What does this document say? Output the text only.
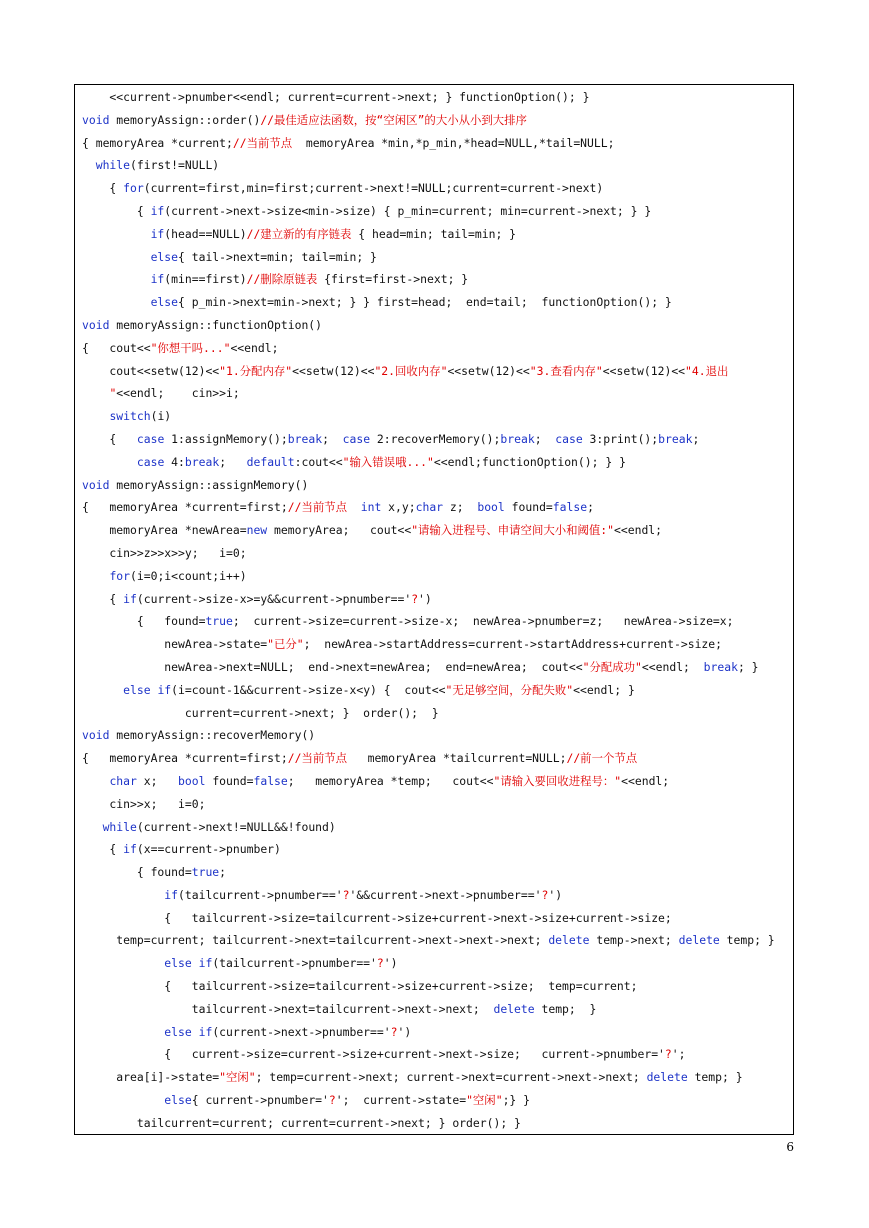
<<current->pnumber<<endl; current=current->next; } functionOption(); }
void memoryAssign::order()//最佳适应法函数，按“空闲区”的大小从小到大排序
{ memoryArea *current;//当前节点  memoryArea *min,*p_min,*head=NULL,*tail=NULL;
while(first!=NULL)
{ for(current=first,min=first;current->next!=NULL;current=current->next)
{ if(current->next->size<min->size) { p_min=current; min=current->next; } }
if(head==NULL)//建立新的有序链表 { head=min; tail=min; }
else{ tail->next=min; tail=min; }
if(min==first)//删除原链表 {first=first->next; }
else{ p_min->next=min->next; } } first=head;  end=tail;  functionOption(); }
void memoryAssign::functionOption()
{   cout<<"你想干吗..."<<endl;
cout<<setw(12)<<"1.分配内存"<<setw(12)<<"2.回收内存"<<setw(12)<<"3.查看内存"<<setw(12)<<"4.退出
"<<endl;    cin>>i;
switch(i)
{   case 1:assignMemory();break;  case 2:recoverMemory();break;  case 3:print();break;
case 4:break;   default:cout<<"输入错误哦..."<<endl;functionOption(); } }
void memoryAssign::assignMemory()
{   memoryArea *current=first;//当前节点 int x,y;char z;  bool found=false;
memoryArea *newArea=new memoryArea;   cout<<"请输入进程号、申请空间大小和阈值:"<<endl;
cin>>z>>x>>y;   i=0;
for(i=0;i<count;i++)
{ if(current->size-x>=y&&current->pnumber=='?')
{   found=true;  current->size=current->size-x;  newArea->pnumber=z;   newArea->size=x;
newArea->state="已分";  newArea->startAddress=current->startAddress+current->size;
newArea->next=NULL;  end->next=newArea;  end=newArea;  cout<<"分配成功"<<endl;  break; }
else if(i=count-1&&current->size-x<y) {  cout<<"无足够空间，分配失败"<<endl; }
current=current->next; }  order();  }
void memoryAssign::recoverMemory()
{   memoryArea *current=first;//当前节点   memoryArea *tailcurrent=NULL;//前一个节点
char x;   bool found=false;   memoryArea *temp;   cout<<"请输入要回收进程号："<<endl;
cin>>x;   i=0;
while(current->next!=NULL&&!found)
{ if(x==current->pnumber)
{ found=true;
if(tailcurrent->pnumber=='?'&&current->next->pnumber=='?')
{   tailcurrent->size=tailcurrent->size+current->next->size+current->size;
temp=current; tailcurrent->next=tailcurrent->next->next->next; delete temp->next; delete temp; }
else if(tailcurrent->pnumber=='?')
{   tailcurrent->size=tailcurrent->size+current->size;  temp=current;
tailcurrent->next=tailcurrent->next->next;  delete temp;  }
else if(current->next->pnumber=='?')
{   current->size=current->size+current->next->size;   current->pnumber='?';
area[i]->state="空闲"; temp=current->next; current->next=current->next->next; delete temp; }
else{ current->pnumber='?';  current->state="空闲";} }
tailcurrent=current; current=current->next; } order(); }
6
